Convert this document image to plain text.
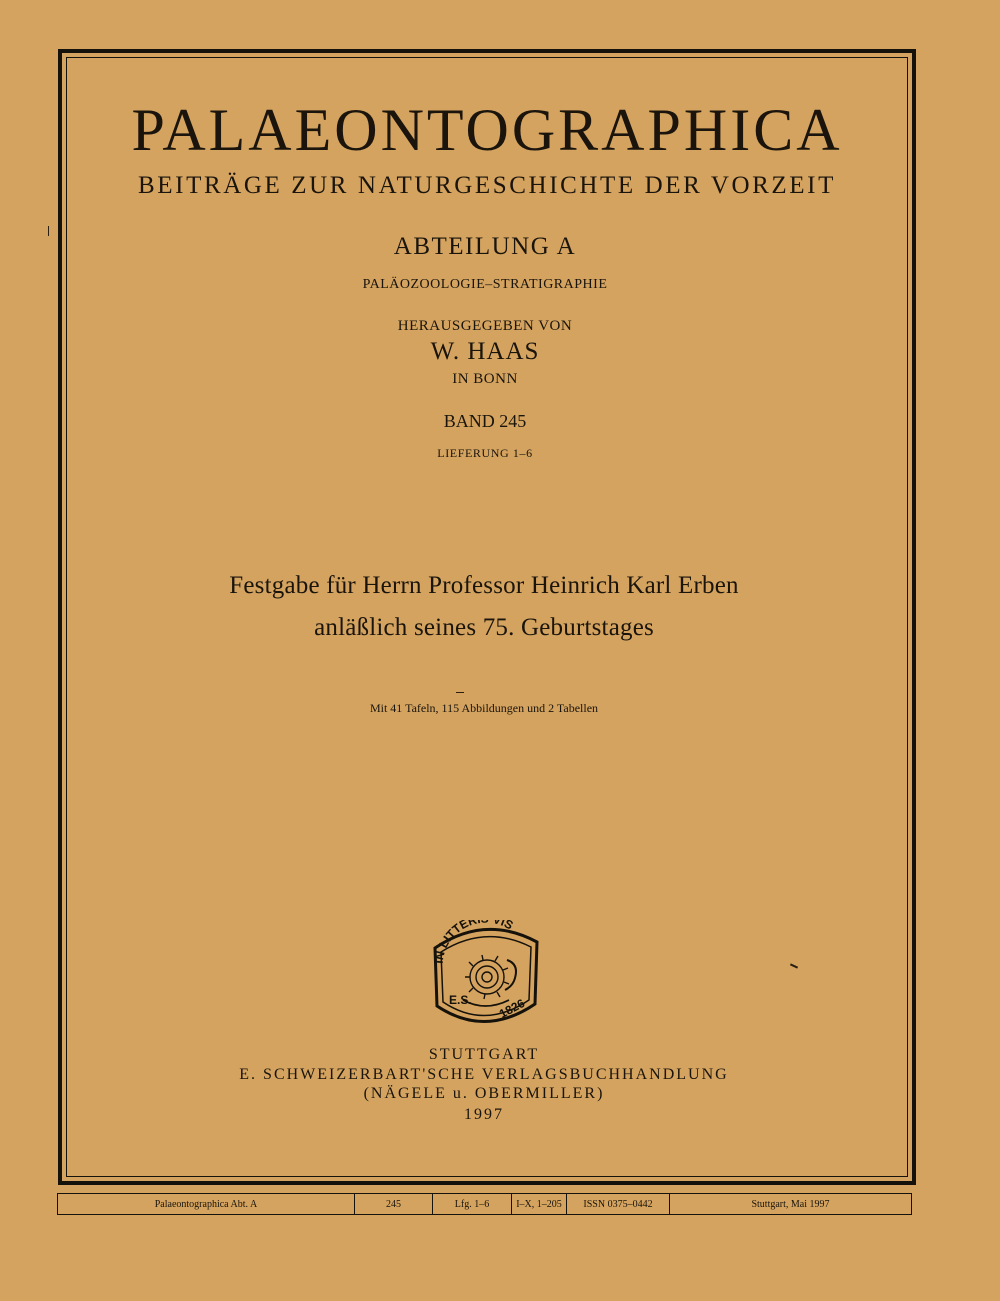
PALAEONTOGRAPHICA
BEITRÄGE ZUR NATURGESCHICHTE DER VORZEIT
ABTEILUNG A
PALÄOZOOLOGIE–STRATIGRAPHIE
HERAUSGEGEBEN VON
W. HAAS
IN BONN
BAND 245
LIEFERUNG 1–6
Festgabe für Herrn Professor Heinrich Karl Erben
anläßlich seines 75. Geburtstages
Mit 41 Tafeln, 115 Abbildungen und 2 Tabellen
IN LITTER IS
E.S. 1826
STUTTGART
E. SCHWEIZERBART'SCHE VERLAGSBUCHHANDLUNG
(NÄGELE u. OBERMILLER)
1997
Palaeontographica Abt. A	245	Lfg. 1–6	I–X, 1–205	ISSN 0375–0442	Stuttgart, Mai 1997
